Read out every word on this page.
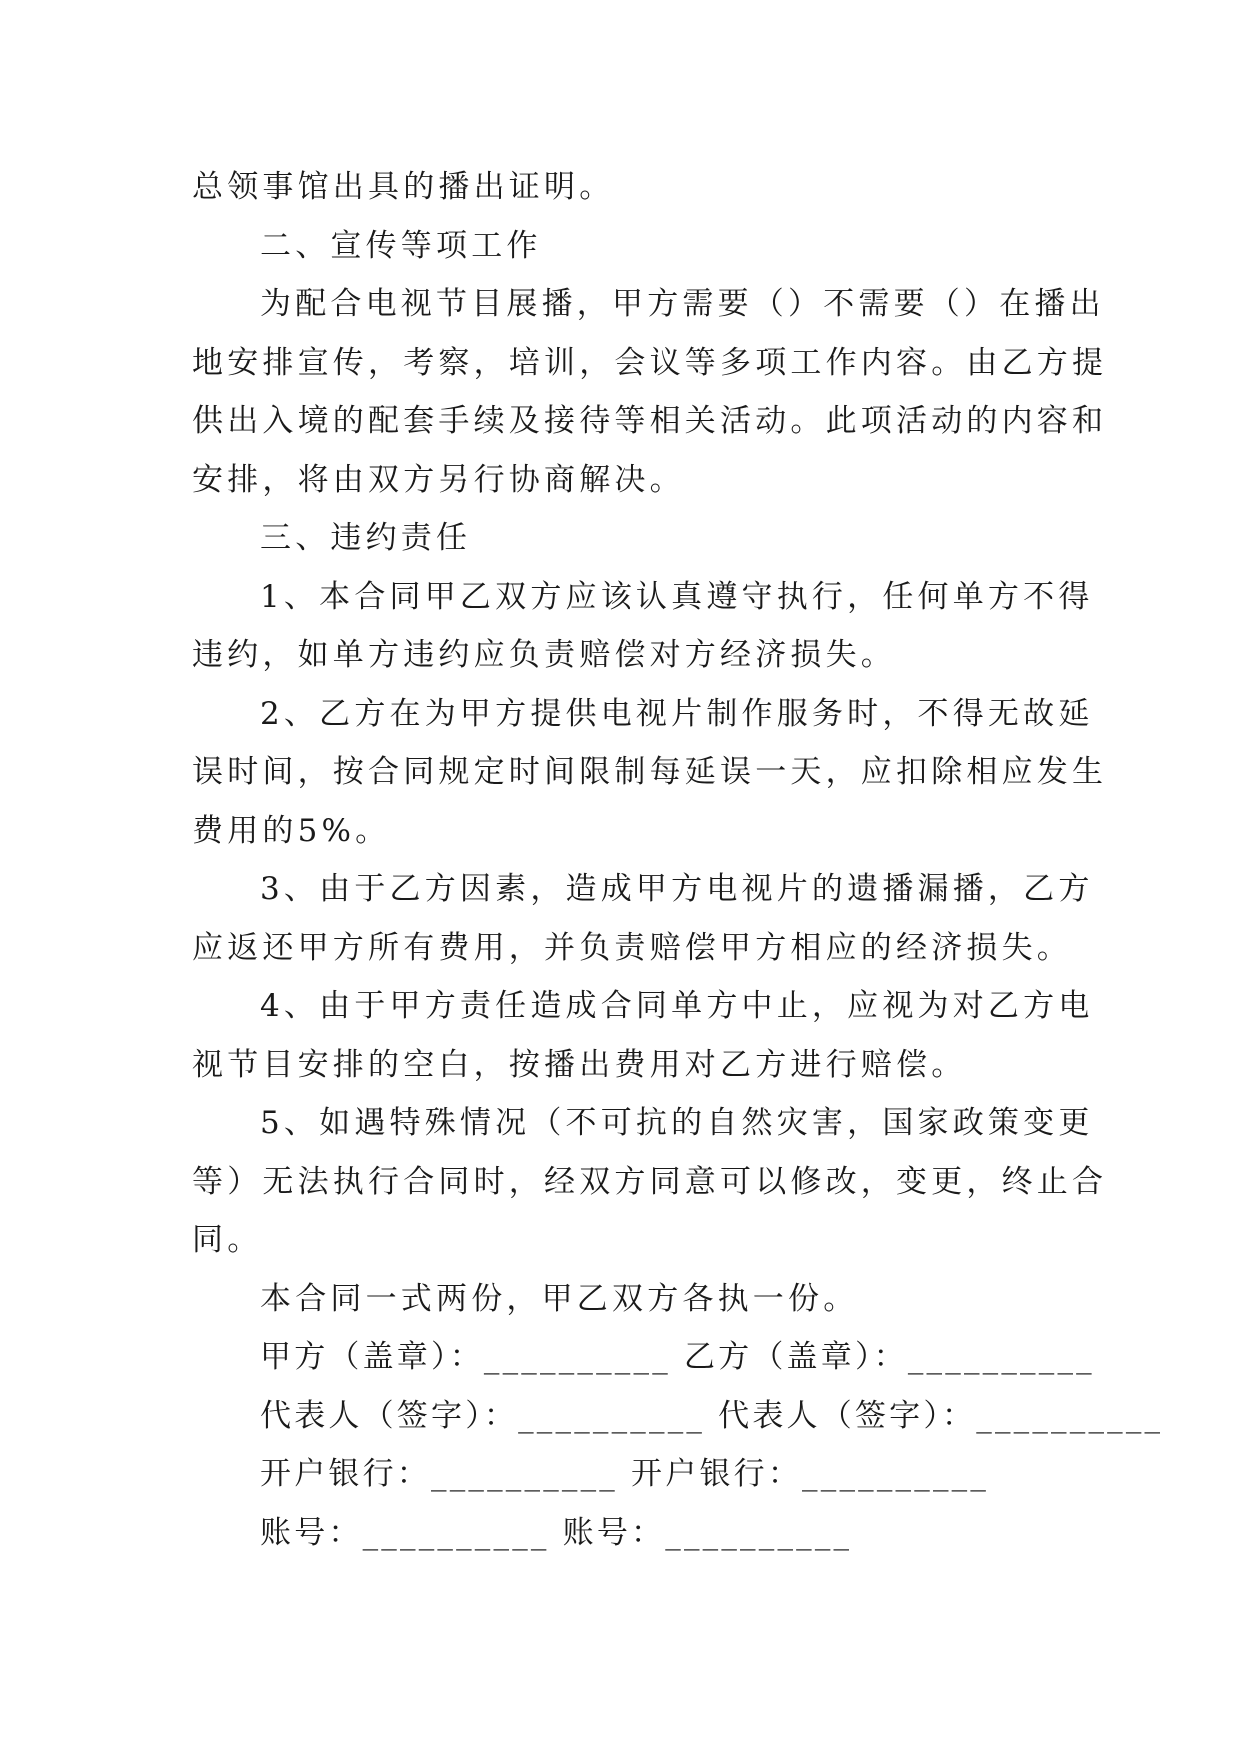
总领事馆出具的播出证明。
二、宣传等项工作
为配合电视节目展播，甲方需要（）不需要（）在播出
地安排宣传，考察，培训，会议等多项工作内容。由乙方提
供出入境的配套手续及接待等相关活动。此项活动的内容和
安排，将由双方另行协商解决。
三、违约责任
1、本合同甲乙双方应该认真遵守执行，任何单方不得
违约，如单方违约应负责赔偿对方经济损失。
2、乙方在为甲方提供电视片制作服务时，不得无故延
误时间，按合同规定时间限制每延误一天，应扣除相应发生
费用的5%。
3、由于乙方因素，造成甲方电视片的遗播漏播，乙方
应返还甲方所有费用，并负责赔偿甲方相应的经济损失。
4、由于甲方责任造成合同单方中止，应视为对乙方电
视节目安排的空白，按播出费用对乙方进行赔偿。
5、如遇特殊情况（不可抗的自然灾害，国家政策变更
等）无法执行合同时，经双方同意可以修改，变更，终止合
同。
本合同一式两份，甲乙双方各执一份。
甲方（盖章）：__________ 乙方（盖章）：__________
代表人（签字）：__________ 代表人（签字）：__________
开户银行：__________ 开户银行：__________
账号：__________ 账号：__________
